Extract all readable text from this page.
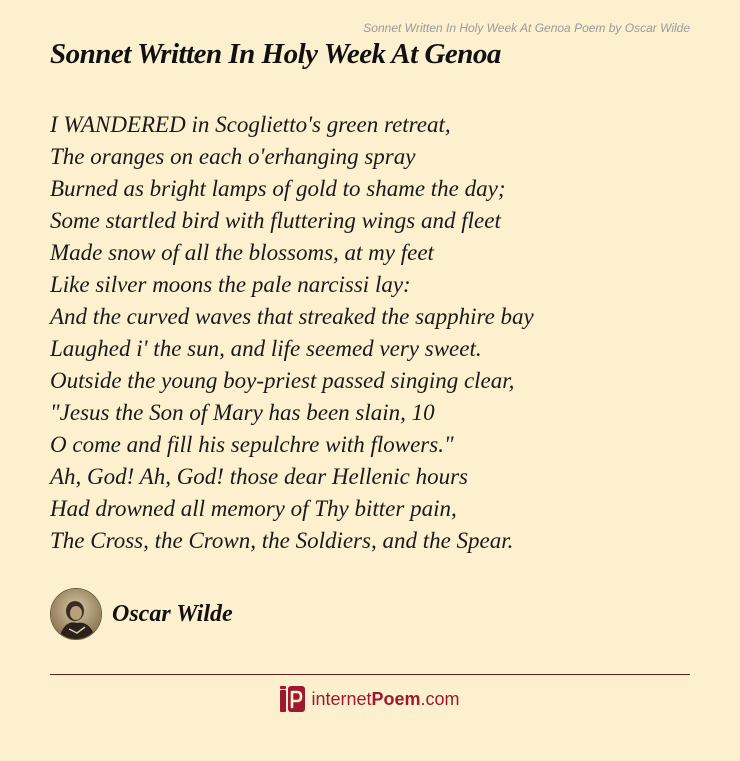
Sonnet Written In Holy Week At Genoa Poem by Oscar Wilde
Sonnet Written In Holy Week At Genoa
I WANDERED in Scoglietto's green retreat,
The oranges on each o'erhanging spray
Burned as bright lamps of gold to shame the day;
Some startled bird with fluttering wings and fleet
Made snow of all the blossoms, at my feet
Like silver moons the pale narcissi lay:
And the curved waves that streaked the sapphire bay
Laughed i' the sun, and life seemed very sweet.
Outside the young boy-priest passed singing clear,
"Jesus the Son of Mary has been slain, 10
O come and fill his sepulchre with flowers."
Ah, God! Ah, God! those dear Hellenic hours
Had drowned all memory of Thy bitter pain,
The Cross, the Crown, the Soldiers, and the Spear.
Oscar Wilde
internetPoem.com
